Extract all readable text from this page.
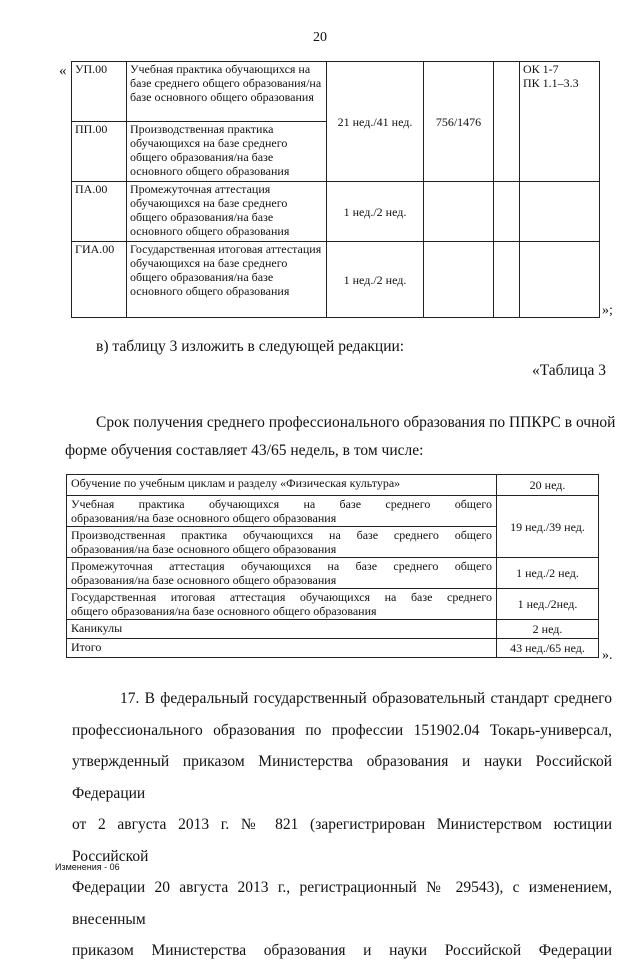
20
« УП.00	Учебная практика обучающихся на базе среднего общего образования/на базе основного общего образования	21 нед./41 нед.	756/1476		ОК 1-7
ПК 1.1–3.3

ПП.00	Производственная практика обучающихся на базе среднего общего образования/на базе основного общего образования				
ПА.00	Промежуточная аттестация обучающихся на базе среднего общего образования/на базе основного общего образования	1 нед./2 нед.			
ГИА.00	Государственная итоговая аттестация обучающихся на базе среднего общего образования/на базе основного общего образования	1 нед./2 нед.			
»;
в) таблицу 3 изложить в следующей редакции:
«Таблица 3
Срок получения среднего профессионального образования по ППКРС в очной
форме обучения составляет 43/65 недель, в том числе:
Обучение по учебным циклам и разделу «Физическая культура»	20 нед.

Учебная практика обучающихся на базе среднего общего
образования/на базе основного общего образования	19 нед./39 нед.

Производственная практика обучающихся на базе среднего общего
образования/на базе основного общего образования	

Промежуточная аттестация обучающихся на базе среднего общего
образования/на базе основного общего образования	1 нед./2 нед.

Государственная итоговая аттестация обучающихся на базе среднего
общего образования/на базе основного общего образования	1 нед./2нед.
Каникулы	2 нед.
Итого	43 нед./65 нед. ».
17. В федеральный государственный образовательный стандарт среднего
профессионального образования по профессии 151902.04 Токарь-универсал,
утвержденный приказом Министерства образования и науки Российской Федерации
от 2 августа 2013 г. № 821 (зарегистрирован Министерством юстиции Российской
Федерации 20 августа 2013 г., регистрационный № 29543), с изменением, внесенным
приказом Министерства образования и науки Российской Федерации
Изменения - 06
